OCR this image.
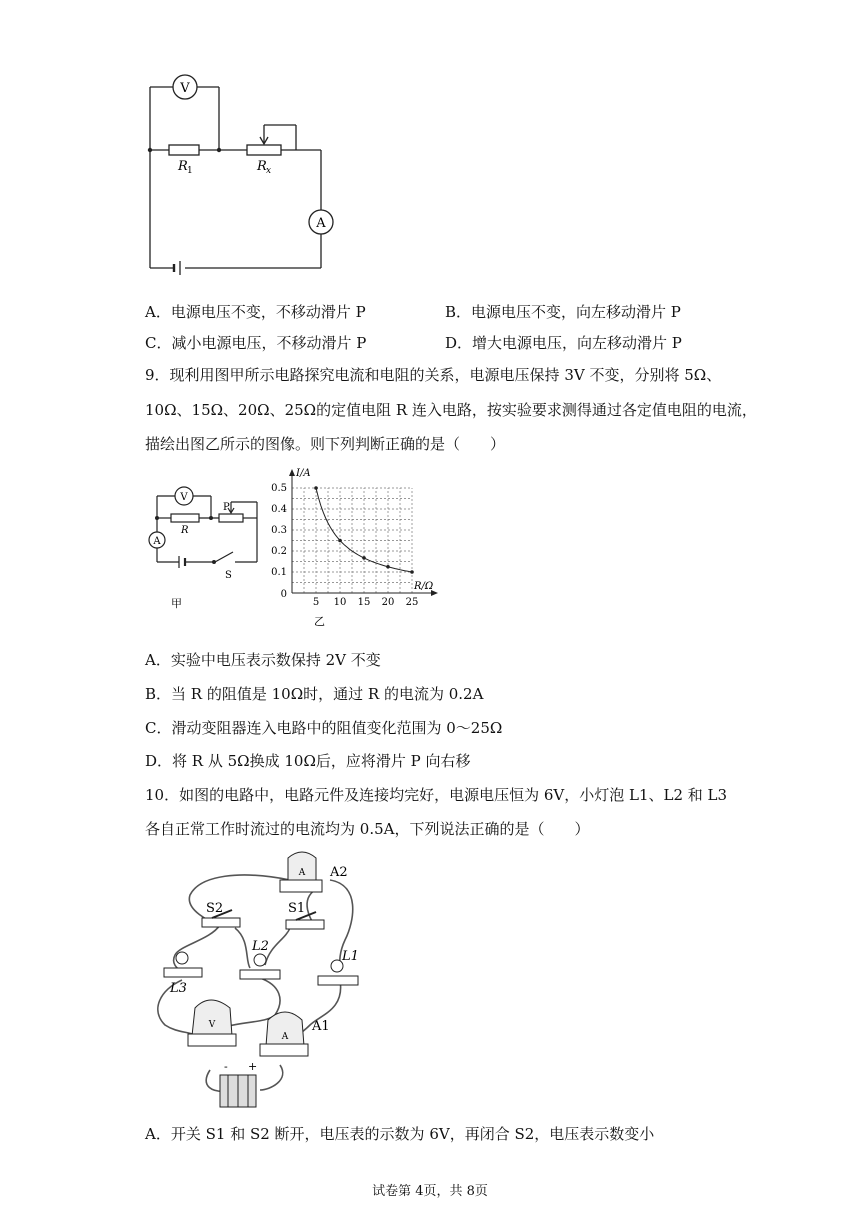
V
A
R 1	R x
A．电源电压不变，不移动滑片 P	B．电源电压不变，向左移动滑片 P
C．减小电源电压，不移动滑片 P	D．增大电源电压，向左移动滑片 P
9．现利用图甲所示电路探究电流和电阻的关系，电源电压保持 3V 不变，分别将 5Ω、
10Ω、15Ω、20Ω、25Ω的定值电阻 R 连入电路，按实验要求测得通过各定值电阻的电流，
描绘出图乙所示的图像。则下列判断正确的是（　　）
V
A
R
P
S
甲	5 10 15 20 25
0.1
0.2
0.3
0.4
0.5
0
R/Ω
I/A
乙
A．实验中电压表示数保持 2V 不变
B．当 R 的阻值是 10Ω时，通过 R 的电流为 0.2A
C．滑动变阻器连入电路中的阻值变化范围为 0～25Ω
D．将 R 从 5Ω换成 10Ω后，应将滑片 P 向右移
10．如图的电路中，电路元件及连接均完好，电源电压恒为 6V，小灯泡 L1、L2 和 L3
各自正常工作时流过的电流均为 0.5A，下列说法正确的是（　　）
A
V
A
- +
A2
S2	S1
L2
L1
L3
A1
A．开关 S1 和 S2 断开，电压表的示数为 6V，再闭合 S2，电压表示数变小
试卷第 4页，共 8页
